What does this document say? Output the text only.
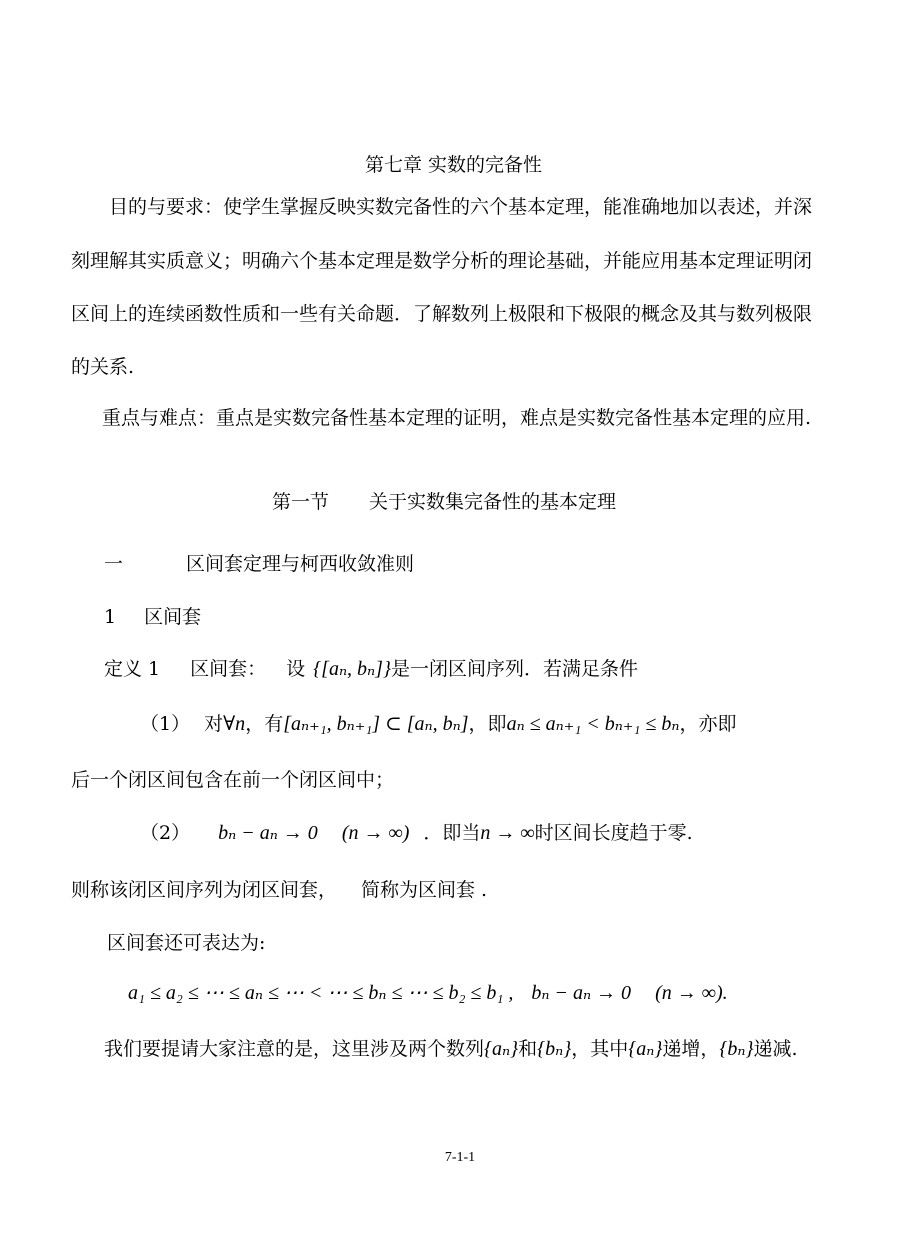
第七章 实数的完备性
目的与要求：使学生掌握反映实数完备性的六个基本定理，能准确地加以表述，并深
刻理解其实质意义；明确六个基本定理是数学分析的理论基础，并能应用基本定理证明闭
区间上的连续函数性质和一些有关命题．了解数列上极限和下极限的概念及其与数列极限
的关系.
重点与难点：重点是实数完备性基本定理的证明，难点是实数完备性基本定理的应用.
第一节 关于实数集完备性的基本定理
一	区间套定理与柯西收敛准则
1 区间套
定义 1 区间套： 设 {[aₙ, bₙ]}是一闭区间序列．若满足条件
（1） 对∀n，有[aₙ₊₁, bₙ₊₁] ⊂ [aₙ, bₙ]，即aₙ ≤ aₙ₊₁ < bₙ₊₁ ≤ bₙ，亦即
后一个闭区间包含在前一个闭区间中；
（2） bₙ − aₙ → 0 (n → ∞) ．即当n → ∞时区间长度趋于零.
则称该闭区间序列为闭区间套， 简称为区间套 .
区间套还可表达为:
a₁ ≤ a₂ ≤ ⋯ ≤ aₙ ≤ ⋯ < ⋯ ≤ bₙ ≤ ⋯ ≤ b₂ ≤ b₁ , bₙ − aₙ → 0 (n → ∞).
我们要提请大家注意的是，这里涉及两个数列{aₙ}和{bₙ}，其中{aₙ}递增，{bₙ}递减.
7-1-1
